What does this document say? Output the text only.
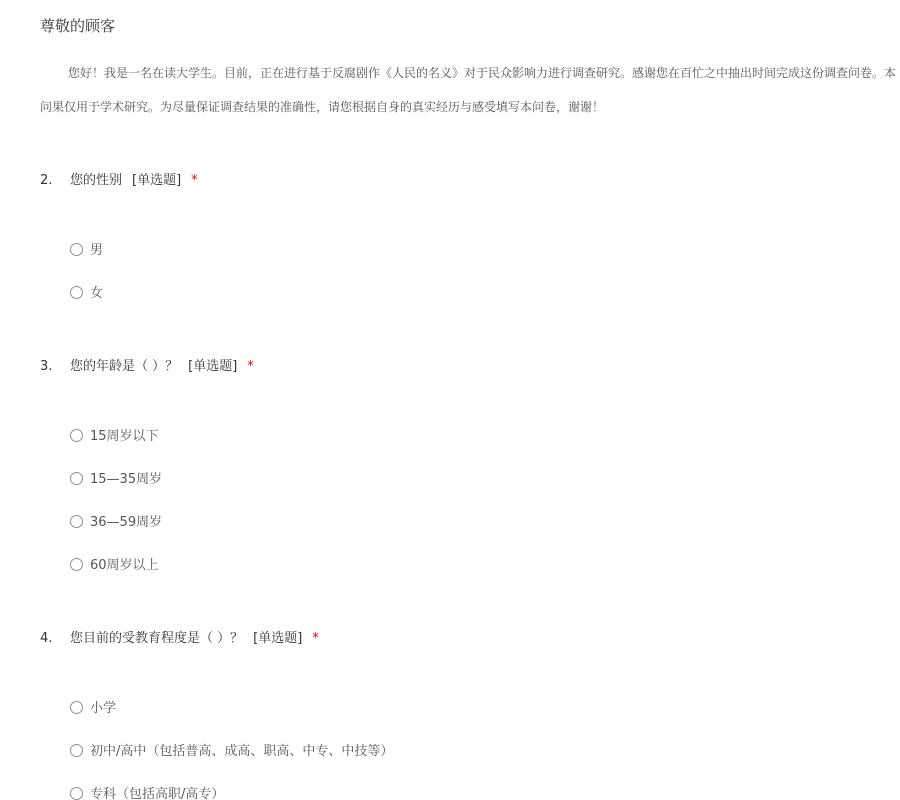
尊敬的顾客
您好！我是一名在读大学生。目前，正在进行基于反腐剧作《人民的名义》对于民众影响力进行调查研究。感谢您在百忙之中抽出时间完成这份调查问卷。本问果仅用于学术研究。为尽量保证调查结果的准确性，请您根据自身的真实经历与感受填写本问卷，谢谢！
2. 您的性别 [单选题] *
男
女
3. 您的年龄是（ ）？ [单选题] *
15周岁以下
15—35周岁
36—59周岁
60周岁以上
4. 您目前的受教育程度是（ ）？ [单选题] *
小学
初中/高中（包括普高、成高、职高、中专、中技等）
专科（包括高职/高专）
